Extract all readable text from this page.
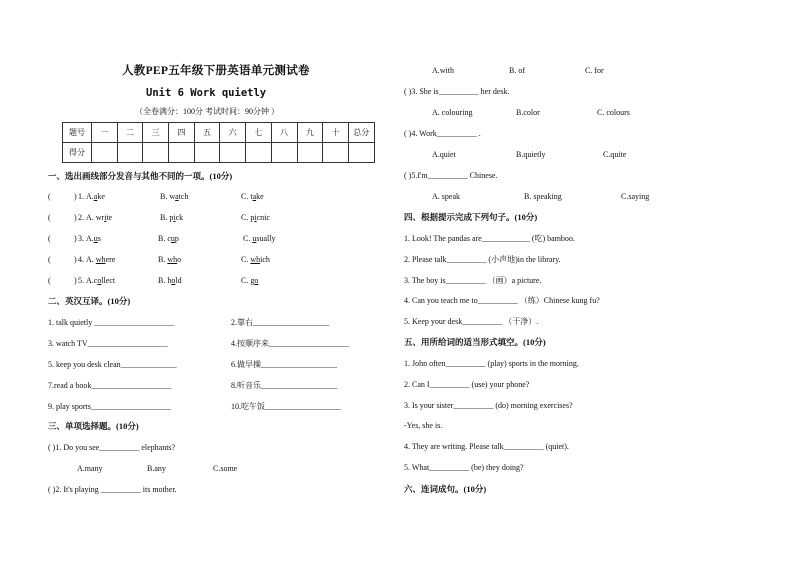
人教PEP五年级下册英语单元测试卷
Unit 6 Work quietly
（全卷满分：100分 考试时间：90分钟 ）
题号	一	二	三	四	五	六	七	八	九	十	总分
得分											
一、选出画线部分发音与其他不同的一项。(10分)
(	) 1. A.ake	B. watch	C. take
(	) 2. A. write	B. pick	C. picnic
(	) 3. A.us	B. cup	C. usually
(	) 4. A. where	B. who	C. which
(	) 5. A.collect	B. hold	C. go
二、英汉互译。(10分)
1. talk quietly ____________________	2.靠右___________________
3. watch TV____________________	4.按顺序来____________________
5. keep you desk clean______________	6.做早操___________________
7.read a book____________________	8.听音乐___________________
9. play sports____________________	10.吃午饭___________________
三、单项选择题。(10分)
( )1. Do you see__________ elephants?
A.many	B.any	C.some
( )2. It's playing __________ its mother.
A.with	B. of	C. for
( )3. She is__________ her desk.
A. colouring	B.color	C. colours
( )4. Work__________ .
A.quiet	B.quietly	C.quite
( )5.I'm__________ Chinese.
A. speak	B. speaking	C.saying
四、根据提示完成下列句子。(10分)
1. Look! The pandas are____________ (吃) bamboo.
2. Please talk__________ (小声地)in the library.
3. The boy is__________ （画）a picture.
4. Can you teach me to__________ （练）Chinese kung fu?
5. Keep your desk__________ （干净）.
五、用所给词的适当形式填空。(10分)
1. John often__________ (play) sports in the morning.
2. Can I__________ (use) your phone?
3. Is your sister__________ (do) morning exercises?
-Yes, she is.
4. They are writing. Please talk__________ (quiet).
5. What__________ (be) they doing?
六、连词成句。(10分)
